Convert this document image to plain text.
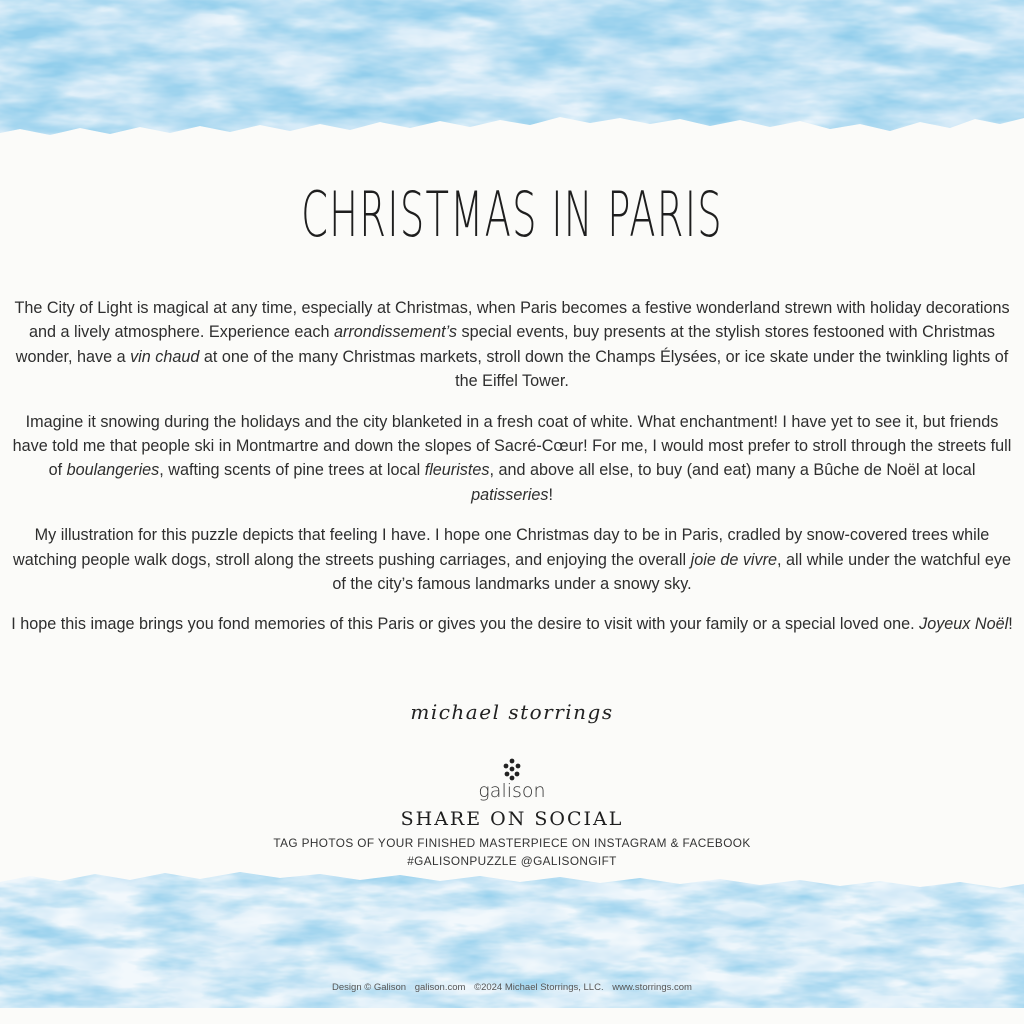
CHRISTMAS IN PARIS

The City of Light is magical at any time, especially at Christmas, when Paris becomes a festive wonderland strewn with holiday decorations and a lively atmosphere. Experience each arrondissement’s special events, buy presents at the stylish stores festooned with Christmas wonder, have a vin chaud at one of the many Christmas markets, stroll down the Champs Élysées, or ice skate under the twinkling lights of the Eiffel Tower.

Imagine it snowing during the holidays and the city blanketed in a fresh coat of white. What enchantment! I have yet to see it, but friends have told me that people ski in Montmartre and down the slopes of Sacré-Cœur! For me, I would most prefer to stroll through the streets full of boulangeries, wafting scents of pine trees at local fleuristes, and above all else, to buy (and eat) many a Bûche de Noël at local patisseries!

My illustration for this puzzle depicts that feeling I have. I hope one Christmas day to be in Paris, cradled by snow-covered trees while watching people walk dogs, stroll along the streets pushing carriages, and enjoying the overall joie de vivre, all while under the watchful eye of the city’s famous landmarks under a snowy sky.

I hope this image brings you fond memories of this Paris or gives you the desire to visit with your family or a special loved one. Joyeux Noël!

michael storrings
galison
SHARE ON SOCIAL
TAG PHOTOS OF YOUR FINISHED MASTERPIECE ON INSTAGRAM & FACEBOOK
#GALISONPUZZLE @GALISONGIFT
Design © Galison galison.com ©2024 Michael Storrings, LLC. www.storrings.com
